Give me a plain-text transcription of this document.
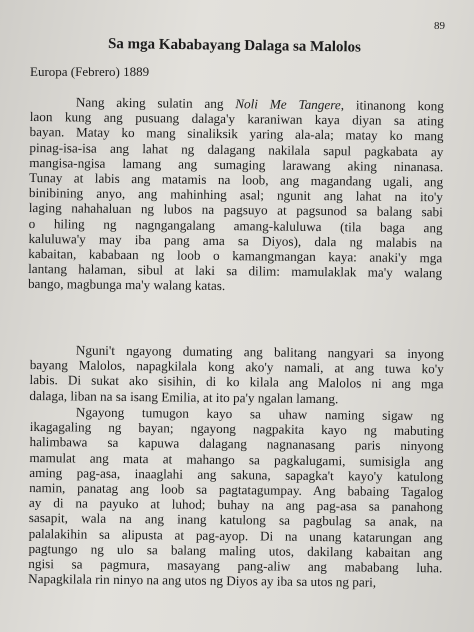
89
Sa mga Kababayang Dalaga sa Malolos
Europa (Febrero) 1889
Nang aking sulatin ang Noli Me Tangere, itinanong kong
laon kung ang pusuang dalaga'y karaniwan kaya diyan sa ating
bayan. Matay ko mang sinaliksik yaring ala-ala; matay ko mang
pinag-isa-isa ang lahat ng dalagang nakilala sapul pagkabata ay
mangisa-ngisa lamang ang sumaging larawang aking ninanasa.
Tunay at labis ang matamis na loob, ang magandang ugali, ang
binibining anyo, ang mahinhing asal; ngunit ang lahat na ito'y
laging nahahaluan ng lubos na pagsuyo at pagsunod sa balang sabi
o hiling ng nagngangalang amang-kaluluwa (tila baga ang
kaluluwa'y may iba pang ama sa Diyos), dala ng malabis na
kabaitan, kababaan ng loob o kamangmangan kaya: anaki'y mga
lantang halaman, sibul at laki sa dilim: mamulaklak ma'y walang
bango, magbunga ma'y walang katas.
Nguni't ngayong dumating ang balitang nangyari sa inyong
bayang Malolos, napagkilala kong ako'y namali, at ang tuwa ko'y
labis. Di sukat ako sisihin, di ko kilala ang Malolos ni ang mga
dalaga, liban na sa isang Emilia, at ito pa'y ngalan lamang.
Ngayong tumugon kayo sa uhaw naming sigaw ng
ikagagaling ng bayan; ngayong nagpakita kayo ng mabuting
halimbawa sa kapuwa dalagang nagnanasang paris ninyong
mamulat ang mata at mahango sa pagkalugami, sumisigla ang
aming pag-asa, inaaglahi ang sakuna, sapagka't kayo'y katulong
namin, panatag ang loob sa pagtatagumpay. Ang babaing Tagalog
ay di na payuko at luhod; buhay na ang pag-asa sa panahong
sasapit, wala na ang inang katulong sa pagbulag sa anak, na
palalakihin sa alipusta at pag-ayop. Di na unang katarungan ang
pagtungo ng ulo sa balang maling utos, dakilang kabaitan ang
ngisi sa pagmura, masayang pang-aliw ang mababang luha.
Napagkilala rin ninyo na ang utos ng Diyos ay iba sa utos ng pari,
